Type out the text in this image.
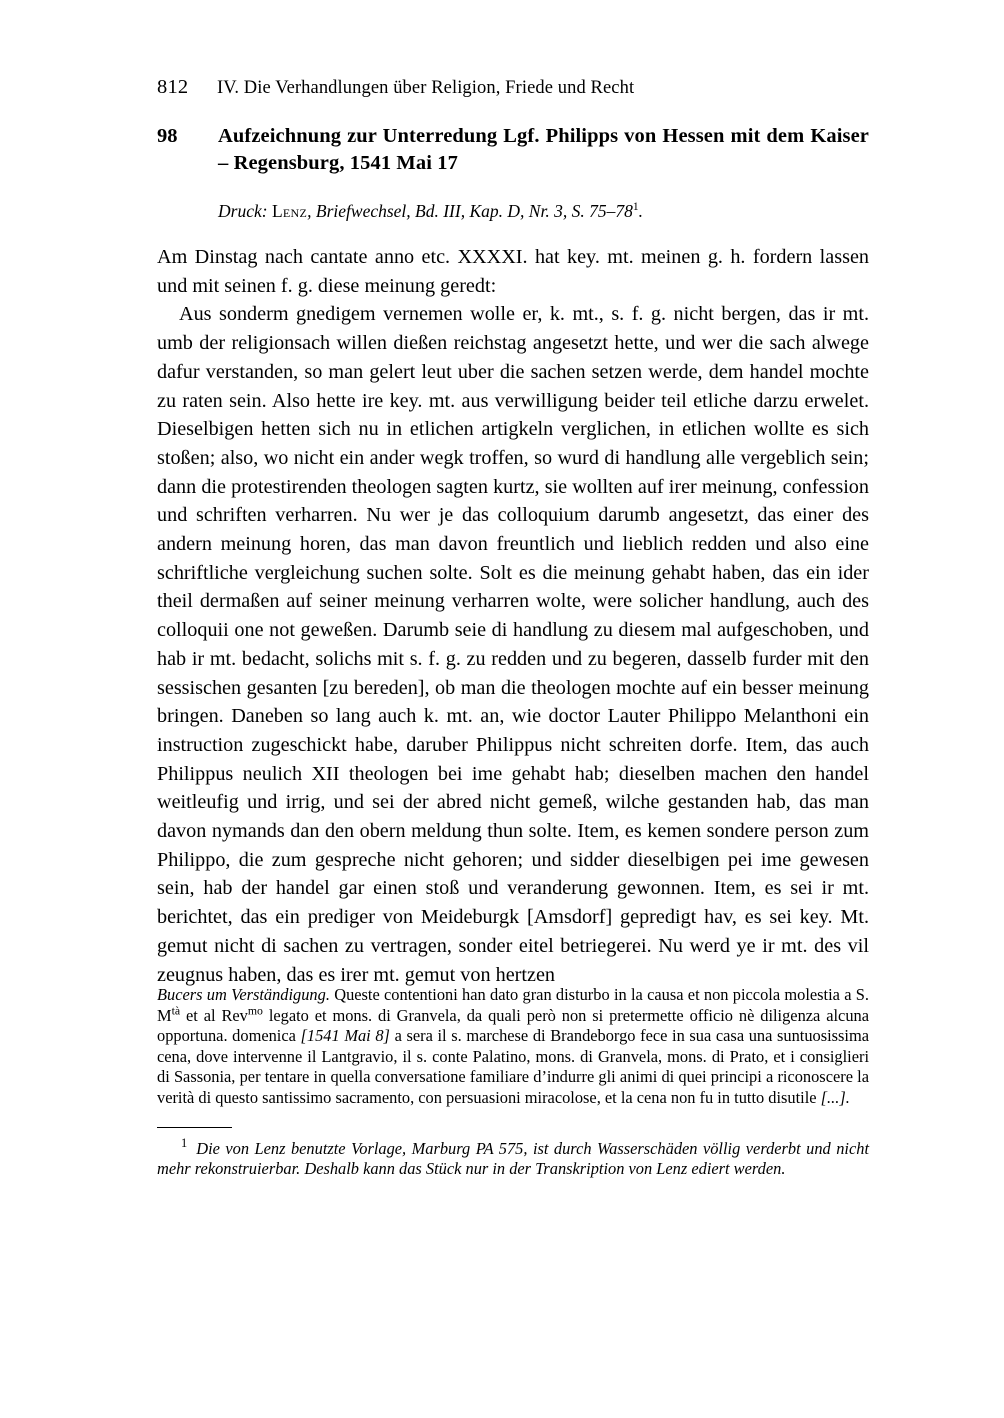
812	IV. Die Verhandlungen über Religion, Friede und Recht
98	Aufzeichnung zur Unterredung Lgf. Philipps von Hessen mit dem Kaiser – Regensburg, 1541 Mai 17
Druck: Lenz, Briefwechsel, Bd. III, Kap. D, Nr. 3, S. 75–78$^1$.

Am Dinstag nach cantate anno etc. XXXXI. hat key. mt. meinen g. h. fordern lassen und mit seinen f. g. diese meinung geredt:

Aus sonderm gnedigem vernemen wolle er, k. mt., s. f. g. nicht bergen, das ir mt. umb der religionsach willen dießen reichstag angesetzt hette, und wer die sach alwege dafur verstanden, so man gelert leut uber die sachen setzen werde, dem handel mochte zu raten sein. Also hette ire key. mt. aus verwilligung beider teil etliche darzu erwelet. Dieselbigen hetten sich nu in etlichen artigkeln verglichen, in etlichen wollte es sich stoßen; also, wo nicht ein ander wegk troffen, so wurd di handlung alle vergeblich sein; dann die protestirenden theologen sagten kurtz, sie wollten auf irer meinung, confession und schriften verharren. Nu wer je das colloquium darumb angesetzt, das einer des andern meinung horen, das man davon freuntlich und lieblich redden und also eine schriftliche vergleichung suchen solte. Solt es die meinung gehabt haben, das ein ider theil dermaßen auf seiner meinung verharren wolte, were solicher handlung, auch des colloquii one not geweßen. Darumb seie di handlung zu diesem mal aufgeschoben, und hab ir mt. bedacht, solichs mit s. f. g. zu redden und zu begeren, dasselb furder mit den sessischen gesanten [zu bereden], ob man die theologen mochte auf ein besser meinung bringen. Daneben so lang auch k. mt. an, wie doctor Lauter Philippo Melanthoni ein instruction zugeschickt habe, daruber Philippus nicht schreiten dorfe. Item, das auch Philippus neulich XII theologen bei ime gehabt hab; dieselben machen den handel weitleufig und irrig, und sei der abred nicht gemeß, wilche gestanden hab, das man davon nymands dan den obern meldung thun solte. Item, es kemen sondere person zum Philippo, die zum gespreche nicht gehoren; und sidder dieselbigen pei ime gewesen sein, hab der handel gar einen stoß und veranderung gewonnen. Item, es sei ir mt. berichtet, das ein prediger von Meideburgk [Amsdorf] gepredigt hav, es sei key. Mt. gemut nicht di sachen zu vertragen, sonder eitel betriegerei. Nu werd ye ir mt. des vil zeugnus haben, das es irer mt. gemut von hertzen

Bucers um Verständigung. Queste contentioni han dato gran disturbo in la causa et non piccola molestia a S. $M^{tà}$ et al Rev$^{mo}$ legato et mons. di Granvela, da quali però non si pretermette officio nè diligenza alcuna opportuna. domenica [1541 Mai 8] a sera il s. marchese di Brandeborgo fece in sua casa una suntuosissima cena, dove intervenne il Lantgravio, il s. conte Palatino, mons. di Granvela, mons. di Prato, et i consiglieri di Sassonia, per tentare in quella conversatione familiare d’indurre gli animi di quei principi a riconoscere la verità di questo santissimo sacramento, con persuasioni miracolose, et la cena non fu in tutto disutile [...].
$^1$ Die von Lenz benutzte Vorlage, Marburg PA 575, ist durch Wasserschäden völlig verderbt und nicht mehr rekonstruierbar. Deshalb kann das Stück nur in der Transkription von Lenz ediert werden.
